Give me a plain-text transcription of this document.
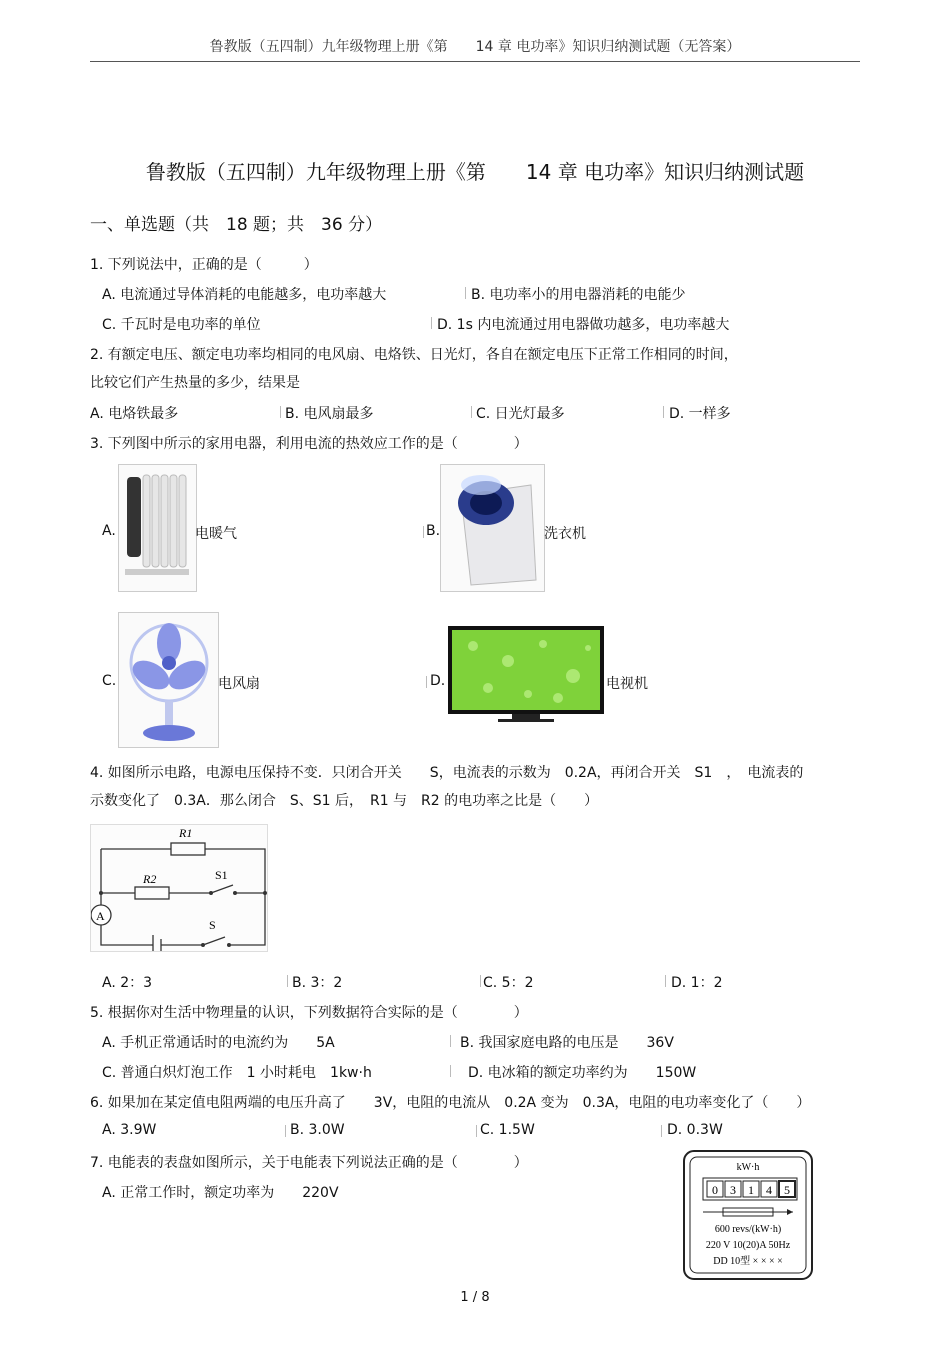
鲁教版（五四制）九年级物理上册《第　　14 章 电功率》知识归纳测试题（无答案）
鲁教版（五四制）九年级物理上册《第　　14 章 电功率》知识归纳测试题
一、单选题（共　18 题；共　36 分）
1. 下列说法中，正确的是（　　　）
A. 电流通过导体消耗的电能越多，电功率越大	B. 电功率小的用电器消耗的电能少
C. 千瓦时是电功率的单位	D. 1s 内电流通过用电器做功越多，电功率越大
2. 有额定电压、额定电功率均相同的电风扇、电烙铁、日光灯，各自在额定电压下正常工作相同的时间，
比较它们产生热量的多少，结果是
A. 电烙铁最多	B. 电风扇最多	C. 日光灯最多	D. 一样多
3. 下列图中所示的家用电器，利用电流的热效应工作的是（　　　　）
A.	电暖气	B.	洗衣机
C.	电风扇	D.	电视机
4. 如图所示电路，电源电压保持不变．只闭合开关　　S，电流表的示数为　0.2A，再闭合开关　S1　，　电流表的
示数变化了　0.3A．那么闭合　S、S1 后，　R1 与　R2 的电功率之比是（　　）
R1
R2	S1
S
A
A. 2：3	B. 3：2	C. 5：2	D. 1：2
5. 根据你对生活中物理量的认识，下列数据符合实际的是（　　　　）
A. 手机正常通话时的电流约为　　5A	B. 我国家庭电路的电压是　　36V
C. 普通白炽灯泡工作　1 小时耗电　1kw·h	D. 电冰箱的额定功率约为　　150W
6. 如果加在某定值电阻两端的电压升高了　　3V，电阻的电流从　0.2A 变为　0.3A，电阻的电功率变化了（　　）
A. 3.9W	B. 3.0W	C. 1.5W	D. 0.3W
7. 电能表的表盘如图所示，关于电能表下列说法正确的是（　　　　）
A. 正常工作时，额定功率为　　220V
kW·h
0 3 1 4 5
600 revs/(kW·h)
220 V 10(20)A 50Hz
DD 10型 × × × ×
1 / 8
